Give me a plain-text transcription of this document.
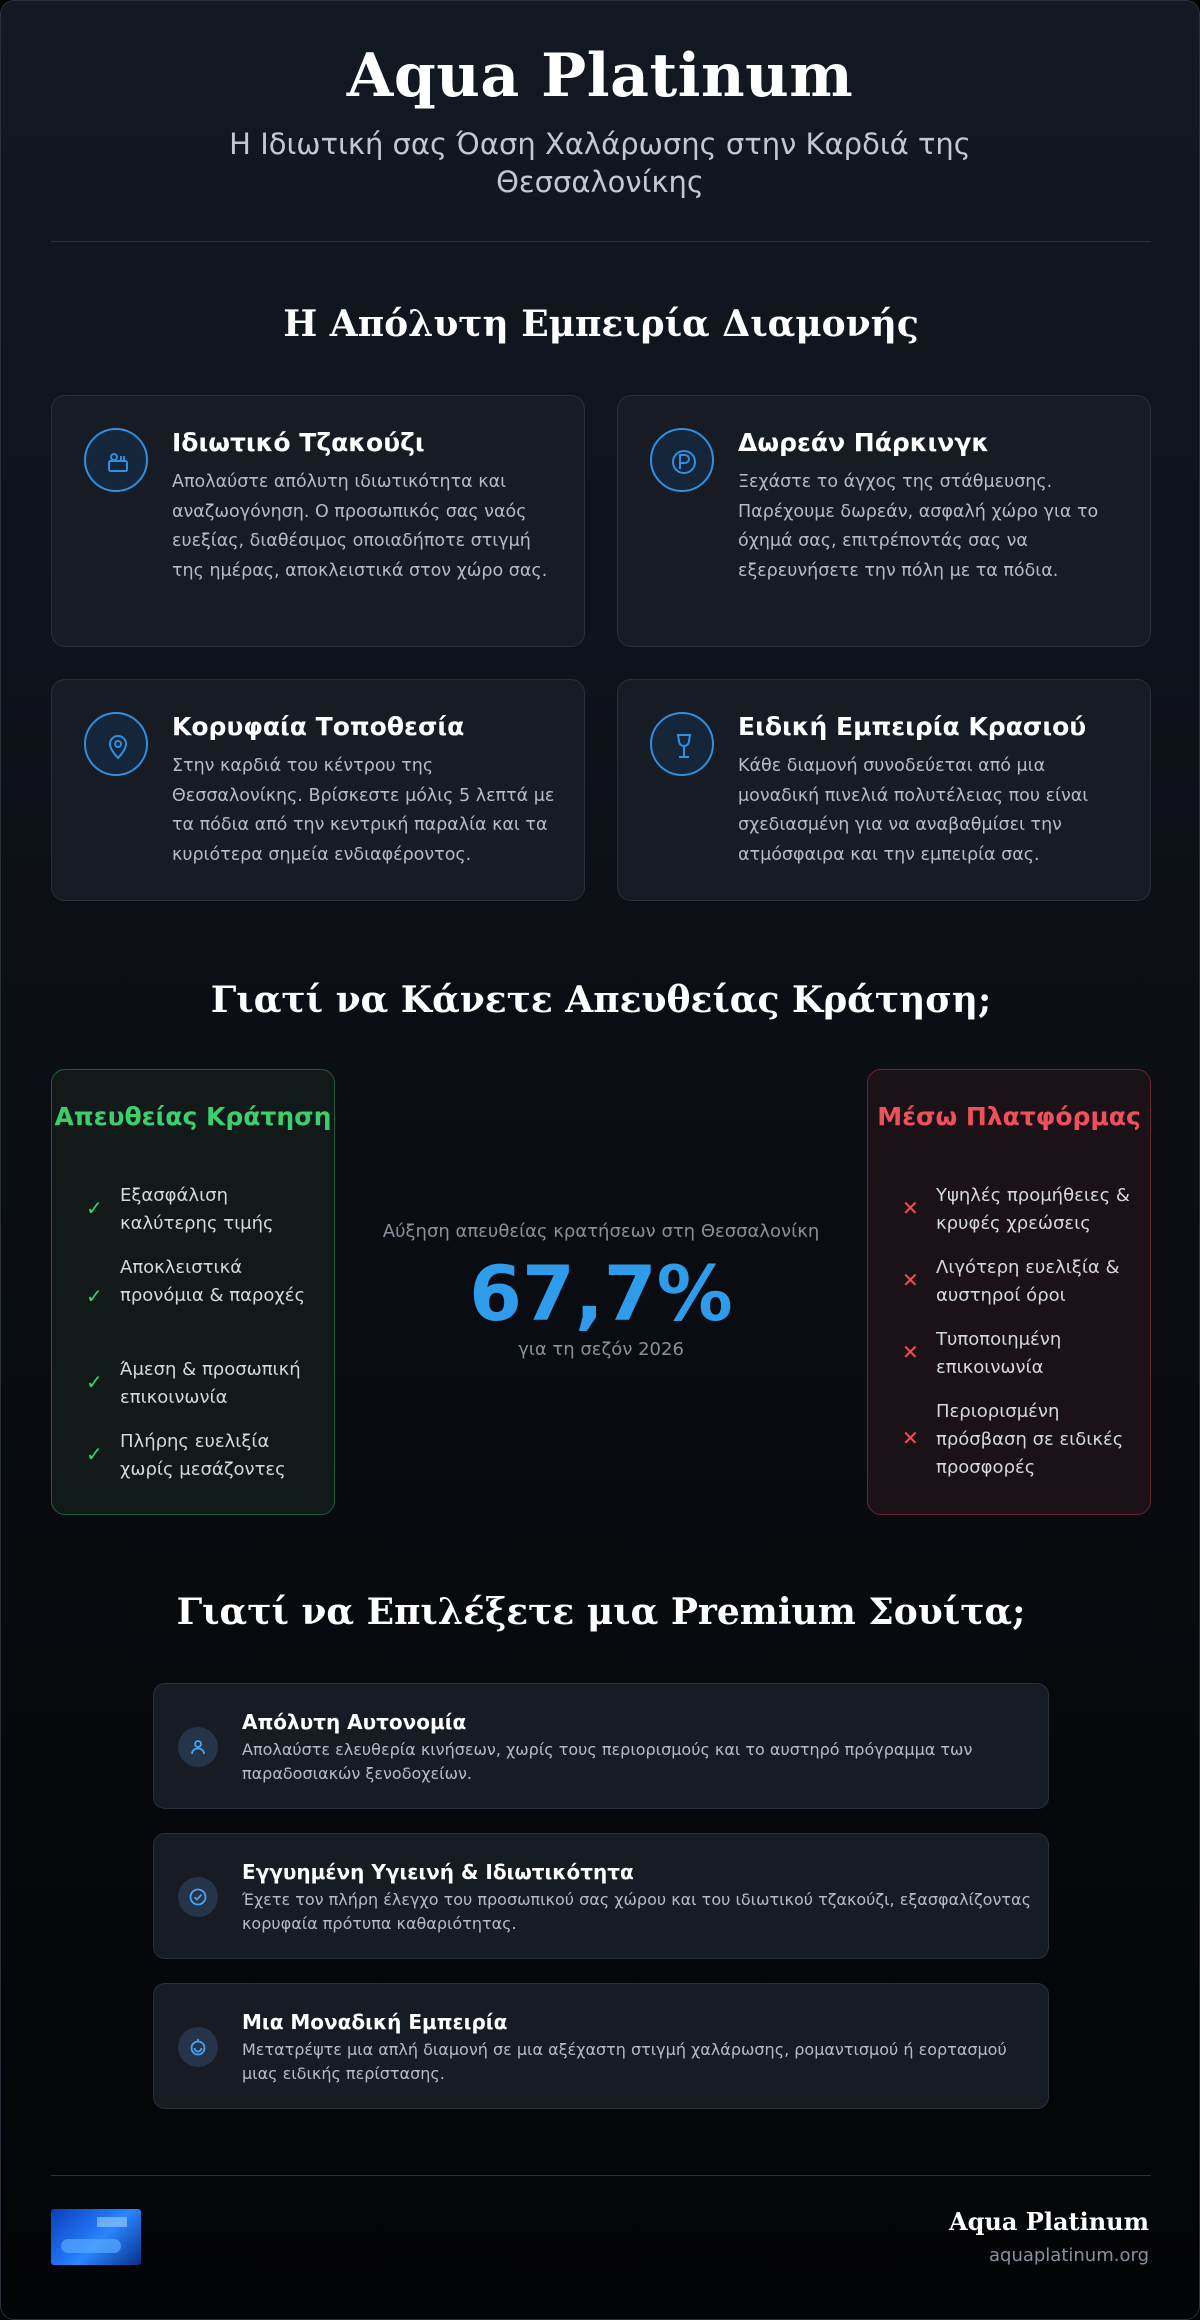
Aqua Platinum
Η Ιδιωτική σας Όαση Χαλάρωσης στην Καρδιά της Θεσσαλονίκης
Η Απόλυτη Εμπειρία Διαμονής
Ιδιωτικό Τζακούζι
Απολαύστε απόλυτη ιδιωτικότητα και αναζωογόνηση. Ο προσωπικός σας ναός ευεξίας, διαθέσιμος οποιαδήποτε στιγμή της ημέρας, αποκλειστικά στον χώρο σας.
Δωρεάν Πάρκινγκ
Ξεχάστε το άγχος της στάθμευσης. Παρέχουμε δωρεάν, ασφαλή χώρο για το όχημά σας, επιτρέποντάς σας να εξερευνήσετε την πόλη με τα πόδια.
Κορυφαία Τοποθεσία
Στην καρδιά του κέντρου της Θεσσαλονίκης. Βρίσκεστε μόλις 5 λεπτά με τα πόδια από την κεντρική παραλία και τα κυριότερα σημεία ενδιαφέροντος.
Ειδική Εμπειρία Κρασιού
Κάθε διαμονή συνοδεύεται από μια μοναδική πινελιά πολυτέλειας που είναι σχεδιασμένη για να αναβαθμίσει την ατμόσφαιρα και την εμπειρία σας.
Γιατί να Κάνετε Απευθείας Κράτηση;
Απευθείας Κράτηση
✓
Εξασφάλιση καλύτερης τιμής
✓
Αποκλειστικά προνόμια & παροχές
✓
Άμεση & προσωπική επικοινωνία
✓
Πλήρης ευελιξία χωρίς μεσάζοντες
Αύξηση απευθείας κρατήσεων στη Θεσσαλονίκη
67,7%
για τη σεζόν 2026
Μέσω Πλατφόρμας
✕
Υψηλές προμήθειες & κρυφές χρεώσεις
✕
Λιγότερη ευελιξία & αυστηροί όροι
✕
Τυποποιημένη επικοινωνία
✕
Περιορισμένη πρόσβαση σε ειδικές προσφορές
Γιατί να Επιλέξετε μια Premium Σουίτα;
Απόλυτη Αυτονομία
Απολαύστε ελευθερία κινήσεων, χωρίς τους περιορισμούς και το αυστηρό πρόγραμμα των παραδοσιακών ξενοδοχείων.
Εγγυημένη Υγιεινή & Ιδιωτικότητα
Έχετε τον πλήρη έλεγχο του προσωπικού σας χώρου και του ιδιωτικού τζακούζι, εξασφαλίζοντας κορυφαία πρότυπα καθαριότητας.
Μια Μοναδική Εμπειρία
Μετατρέψτε μια απλή διαμονή σε μια αξέχαστη στιγμή χαλάρωσης, ρομαντισμού ή εορτασμού μιας ειδικής περίστασης.
Aqua Platinum
aquaplatinum.org
